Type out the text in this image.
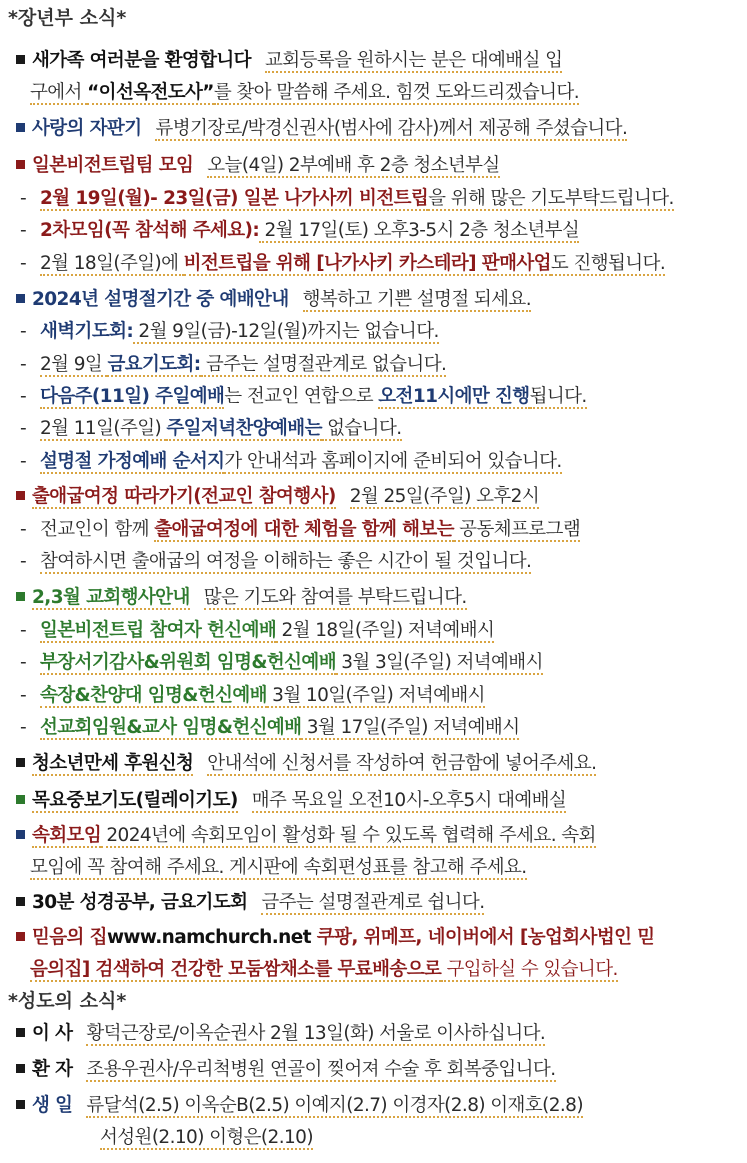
*장년부 소식*
새가족 여러분을 환영합니다 교회등록을 원하시는 분은 대예배실 입
구에서 “이선옥전도사”를 찾아 말씀해 주세요. 힘껏 도와드리겠습니다.
사랑의 자판기 류병기장로/박경신권사(범사에 감사)께서 제공해 주셨습니다.
일본비전트립팀 모임 오늘(4일) 2부예배 후 2층 청소년부실
- 2월 19일(월)- 23일(금) 일본 나가사끼 비전트립을 위해 많은 기도부탁드립니다.
- 2차모임(꼭 참석해 주세요): 2월 17일(토) 오후3-5시 2층 청소년부실
- 2월 18일(주일)에 비전트립을 위해 [나가사키 카스테라] 판매사업도 진행됩니다.
2024년 설명절기간 중 예배안내 행복하고 기쁜 설명절 되세요.
- 새벽기도회: 2월 9일(금)-12일(월)까지는 없습니다.
- 2월 9일 금요기도회: 금주는 설명절관계로 없습니다.
- 다음주(11일) 주일예배는 전교인 연합으로 오전11시에만 진행됩니다.
- 2월 11일(주일) 주일저녁찬양예배는 없습니다.
- 설명절 가정예배 순서지가 안내석과 홈페이지에 준비되어 있습니다.
출애굽여정 따라가기(전교인 참여행사) 2월 25일(주일) 오후2시
- 전교인이 함께 출애굽여정에 대한 체험을 함께 해보는 공동체프로그램
- 참여하시면 출애굽의 여정을 이해하는 좋은 시간이 될 것입니다.
2,3월 교회행사안내 많은 기도와 참여를 부탁드립니다.
- 일본비전트립 참여자 헌신예배 2월 18일(주일) 저녁예배시
- 부장서기감사&위원회 임명&헌신예배 3월 3일(주일) 저녁예배시
- 속장&찬양대 임명&헌신예배 3월 10일(주일) 저녁예배시
- 선교회임원&교사 임명&헌신예배 3월 17일(주일) 저녁예배시
청소년만세 후원신청 안내석에 신청서를 작성하여 헌금함에 넣어주세요.
목요중보기도(릴레이기도) 매주 목요일 오전10시-오후5시 대예배실
속회모임 2024년에 속회모임이 활성화 될 수 있도록 협력해 주세요. 속회
모임에 꼭 참여해 주세요. 게시판에 속회편성표를 참고해 주세요.
30분 성경공부, 금요기도회 금주는 설명절관계로 쉽니다.
믿음의 집www.namchurch.net 쿠팡, 위메프, 네이버에서 [농업회사법인 믿
음의집] 검색하여 건강한 모둠쌈채소를 무료배송으로 구입하실 수 있습니다.
*성도의 소식*
이 사 황덕근장로/이옥순권사 2월 13일(화) 서울로 이사하십니다.
환 자 조용우권사/우리척병원 연골이 찢어져 수술 후 회복중입니다.
생 일 류달석(2.5) 이옥순B(2.5) 이예지(2.7) 이경자(2.8) 이재호(2.8)
서성원(2.10) 이형은(2.10)
